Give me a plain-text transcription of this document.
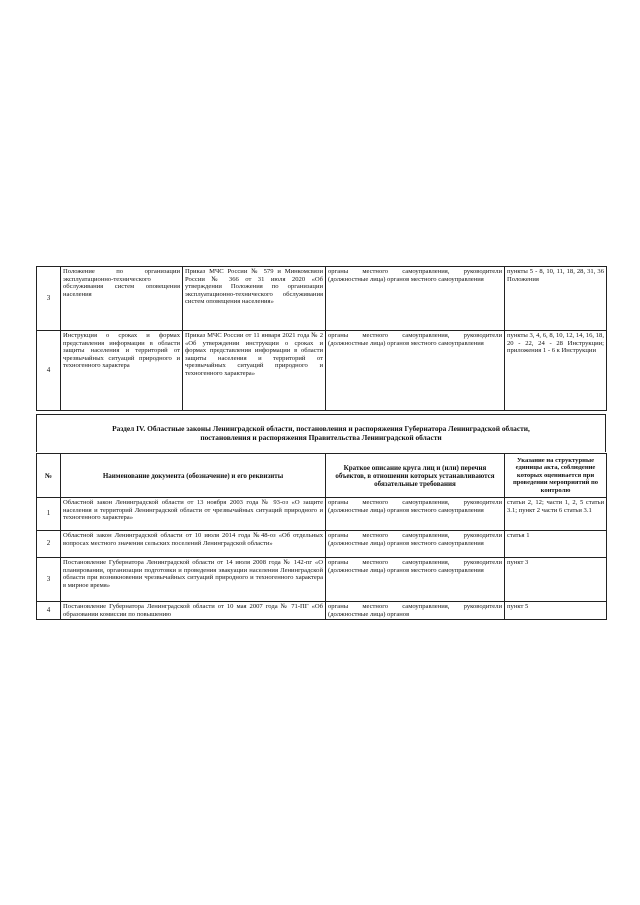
3	Положение по организации эксплуатационно-технического обслуживания систем оповещения населения	Приказ МЧС России № 579 и Минкомсвязи России № 366 от 31 июля 2020 «Об утверждении Положения по организации эксплуатационно-технического обслуживания систем оповещения населения»	органы местного самоуправления, руководители (должностные лица) органов местного самоуправления	пункты 5 - 8, 10, 11, 18, 28, 31, 36 Положения
4	Инструкция о сроках и формах представления информации в области защиты населения и территорий от чрезвычайных ситуаций природного и техногенного характера	Приказ МЧС России от 11 января 2021 года № 2 «Об утверждении инструкции о сроках и формах представления информации в области защиты населения и территорий от чрезвычайных ситуаций природного и техногенного характера»	органы местного самоуправления, руководители (должностные лица) органов местного самоуправления	пункты 3, 4, 6, 8, 10, 12, 14, 16, 18, 20 - 22, 24 - 28 Инструкции; приложения 1 - 6 к Инструкции
Раздел IV. Областные законы Ленинградской области, постановления и распоряжения Губернатора Ленинградской области,
постановления и распоряжения Правительства Ленинградской области
№	Наименование документа (обозначение) и его реквизиты	Краткое описание круга лиц и (или) перечня объектов, в отношении которых устанавливаются обязательные требования	Указание на структурные единицы акта, соблюдение которых оценивается при проведении мероприятий по контролю
1	Областной закон Ленинградской области от 13 ноября 2003 года № 93-оз «О защите населения и территорий Ленинградской области от чрезвычайных ситуаций природного и техногенного характера»	органы местного самоуправления, руководители (должностные лица) органов местного самоуправления	статьи 2, 12; части 1, 2, 5 статьи 3.1; пункт 2 части 6 статьи 3.1
2	Областной закон Ленинградской области от 10 июля 2014 года №48-оз «Об отдельных вопросах местного значения сельских поселений Ленинградской области»	органы местного самоуправления, руководители (должностные лица) органов местного самоуправления	статья 1
3	Постановление Губернатора Ленинградской области от 14 июля 2008 года № 142-пг «О планировании, организации подготовки и проведения эвакуации населения Ленинградской области при возникновении чрезвычайных ситуаций природного и техногенного характера в мирное время»	органы местного самоуправления, руководители (должностные лица) органов местного самоуправления	пункт 3
4	Постановление Губернатора Ленинградской области от 10 мая 2007 года № 71-ПГ «Об образовании комиссии по повышению	органы местного самоуправления, руководители (должностные лица) органов	пункт 5
